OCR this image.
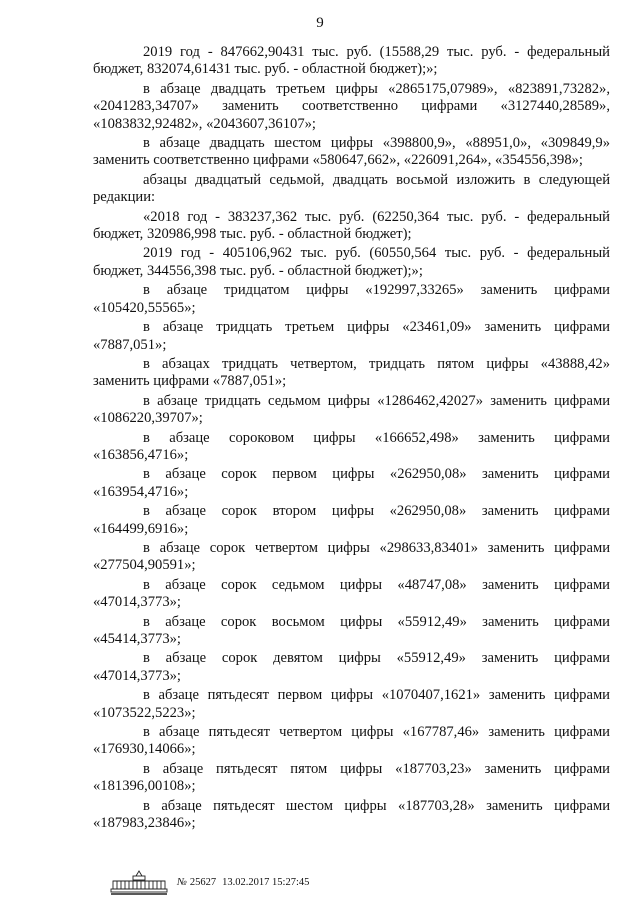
9

2019 год - 847662,90431 тыс. руб. (15588,29 тыс. руб. - федеральный бюджет, 832074,61431 тыс. руб. - областной бюджет);»;

в абзаце двадцать третьем цифры «2865175,07989», «823891,73282», «2041283,34707» заменить соответственно цифрами «3127440,28589», «1083832,92482», «2043607,36107»;

в абзаце двадцать шестом цифры «398800,9», «88951,0», «309849,9» заменить соответственно цифрами «580647,662», «226091,264», «354556,398»;

абзацы двадцатый седьмой, двадцать восьмой изложить в следующей редакции:

«2018 год - 383237,362 тыс. руб. (62250,364 тыс. руб. - федеральный бюджет, 320986,998 тыс. руб. - областной бюджет);

2019 год - 405106,962 тыс. руб. (60550,564 тыс. руб. - федеральный бюджет, 344556,398 тыс. руб. - областной бюджет);»;

в абзаце тридцатом цифры «192997,33265» заменить цифрами «105420,55565»;

в абзаце тридцать третьем цифры «23461,09» заменить цифрами «7887,051»;

в абзацах тридцать четвертом, тридцать пятом цифры «43888,42» заменить цифрами «7887,051»;

в абзаце тридцать седьмом цифры «1286462,42027» заменить цифрами «1086220,39707»;

в абзаце сороковом цифры «166652,498» заменить цифрами «163856,4716»;

в абзаце сорок первом цифры «262950,08» заменить цифрами «163954,4716»;

в абзаце сорок втором цифры «262950,08» заменить цифрами «164499,6916»;

в абзаце сорок четвертом цифры «298633,83401» заменить цифрами «277504,90591»;

в абзаце сорок седьмом цифры «48747,08» заменить цифрами «47014,3773»;

в абзаце сорок восьмом цифры «55912,49» заменить цифрами «45414,3773»;

в абзаце сорок девятом цифры «55912,49» заменить цифрами «47014,3773»;

в абзаце пятьдесят первом цифры «1070407,1621» заменить цифрами «1073522,5223»;

в абзаце пятьдесят четвертом цифры «167787,46» заменить цифрами «176930,14066»;

в абзаце пятьдесят пятом цифры «187703,23» заменить цифрами «181396,00108»;

в абзаце пятьдесят шестом цифры «187703,28» заменить цифрами «187983,23846»;

№ 25627 13.02.2017 15:27:45
